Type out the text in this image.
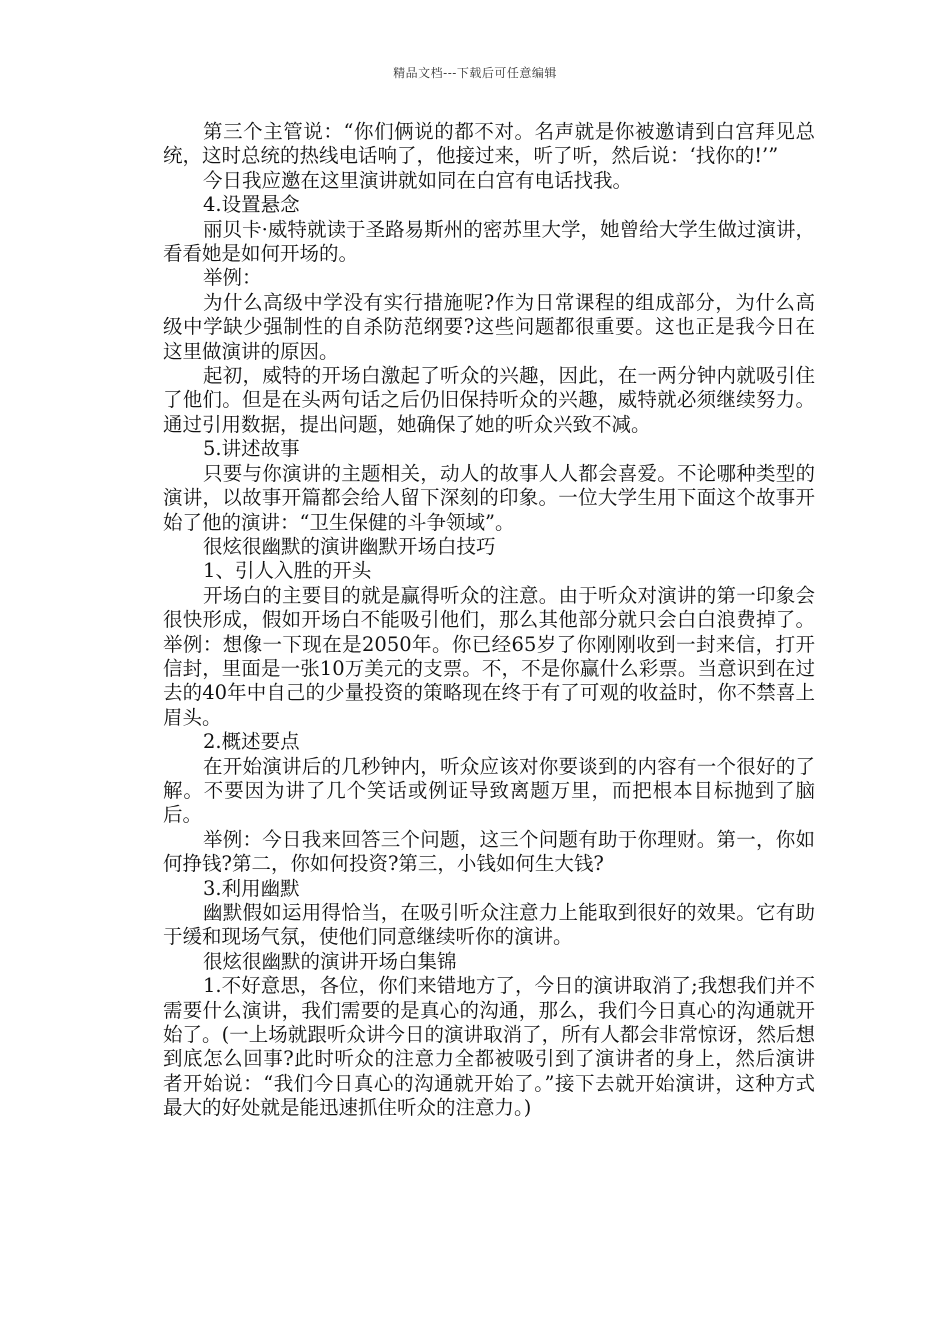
精品文档---下载后可任意编辑

第三个主管说：“你们俩说的都不对。名声就是你被邀请到白宫拜见总统，这时总统的热线电话响了，他接过来，听了听，然后说：‘找你的!’”

今日我应邀在这里演讲就如同在白宫有电话找我。

4.设置悬念

丽贝卡·威特就读于圣路易斯州的密苏里大学，她曾给大学生做过演讲，看看她是如何开场的。

举例：

为什么高级中学没有实行措施呢?作为日常课程的组成部分，为什么高级中学缺少强制性的自杀防范纲要?这些问题都很重要。这也正是我今日在这里做演讲的原因。

起初，威特的开场白激起了听众的兴趣，因此，在一两分钟内就吸引住了他们。但是在头两句话之后仍旧保持听众的兴趣，威特就必须继续努力。通过引用数据，提出问题，她确保了她的听众兴致不减。

5.讲述故事

只要与你演讲的主题相关，动人的故事人人都会喜爱。不论哪种类型的演讲，以故事开篇都会给人留下深刻的印象。一位大学生用下面这个故事开始了他的演讲：“卫生保健的斗争领域”。

很炫很幽默的演讲幽默开场白技巧

1、引人入胜的开头

开场白的主要目的就是赢得听众的注意。由于听众对演讲的第一印象会很快形成，假如开场白不能吸引他们，那么其他部分就只会白白浪费掉了。举例：想像一下现在是2050年。你已经65岁了你刚刚收到一封来信，打开信封，里面是一张10万美元的支票。不，不是你赢什么彩票。当意识到在过去的40年中自己的少量投资的策略现在终于有了可观的收益时，你不禁喜上眉头。

2.概述要点

在开始演讲后的几秒钟内，听众应该对你要谈到的内容有一个很好的了解。不要因为讲了几个笑话或例证导致离题万里，而把根本目标抛到了脑后。

举例：今日我来回答三个问题，这三个问题有助于你理财。第一，你如何挣钱?第二，你如何投资?第三，小钱如何生大钱?

3.利用幽默

幽默假如运用得恰当，在吸引听众注意力上能取到很好的效果。它有助于缓和现场气氛，使他们同意继续听你的演讲。

很炫很幽默的演讲开场白集锦

1.不好意思，各位，你们来错地方了，今日的演讲取消了;我想我们并不需要什么演讲，我们需要的是真心的沟通，那么，我们今日真心的沟通就开始了。(一上场就跟听众讲今日的演讲取消了，所有人都会非常惊讶，然后想到底怎么回事?此时听众的注意力全都被吸引到了演讲者的身上，然后演讲者开始说：“我们今日真心的沟通就开始了。”接下去就开始演讲，这种方式最大的好处就是能迅速抓住听众的注意力。)
